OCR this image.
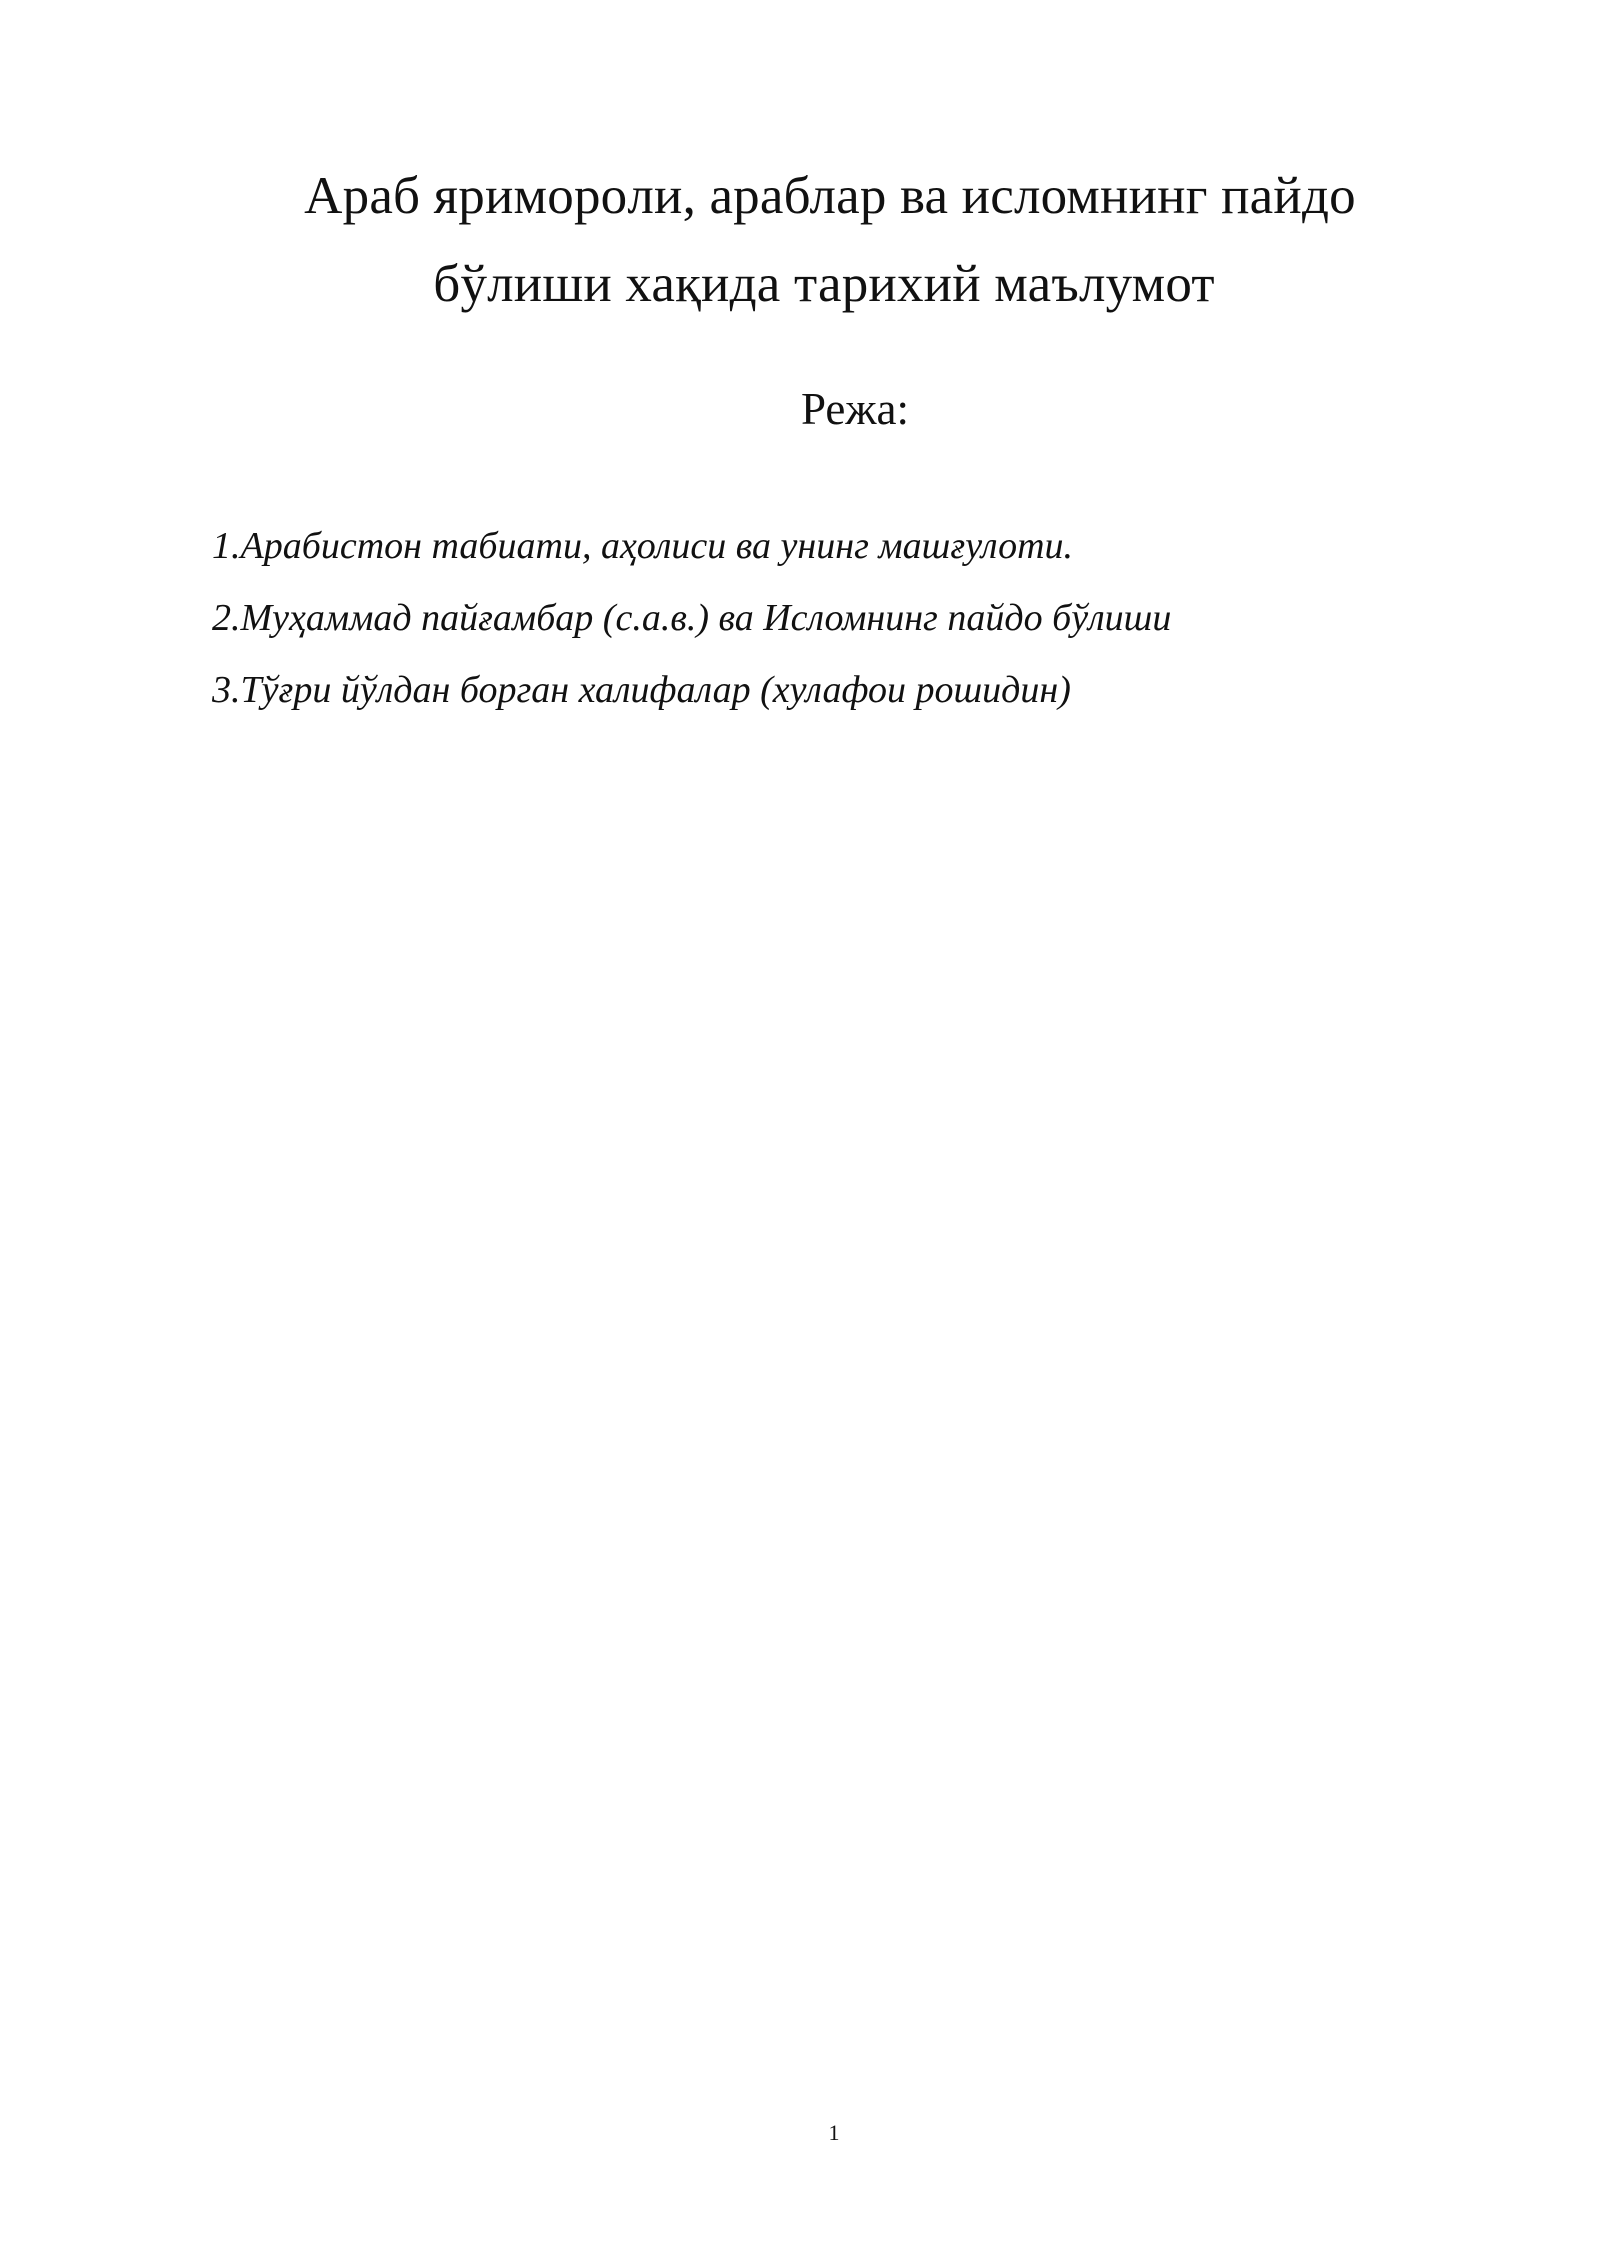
Араб яриморoли, араблар ва исломнинг пайдо
бўлиши хақида тарихий маълумот
Режа:
1.Арабистон табиати, аҳолиси ва унинг машғулоти.
2.Муҳаммад пайғамбар (с.а.в.) ва Исломнинг пайдо бўлиши
3.Тўғри йўлдан борган халифалар (хулафои рошидин)
1
